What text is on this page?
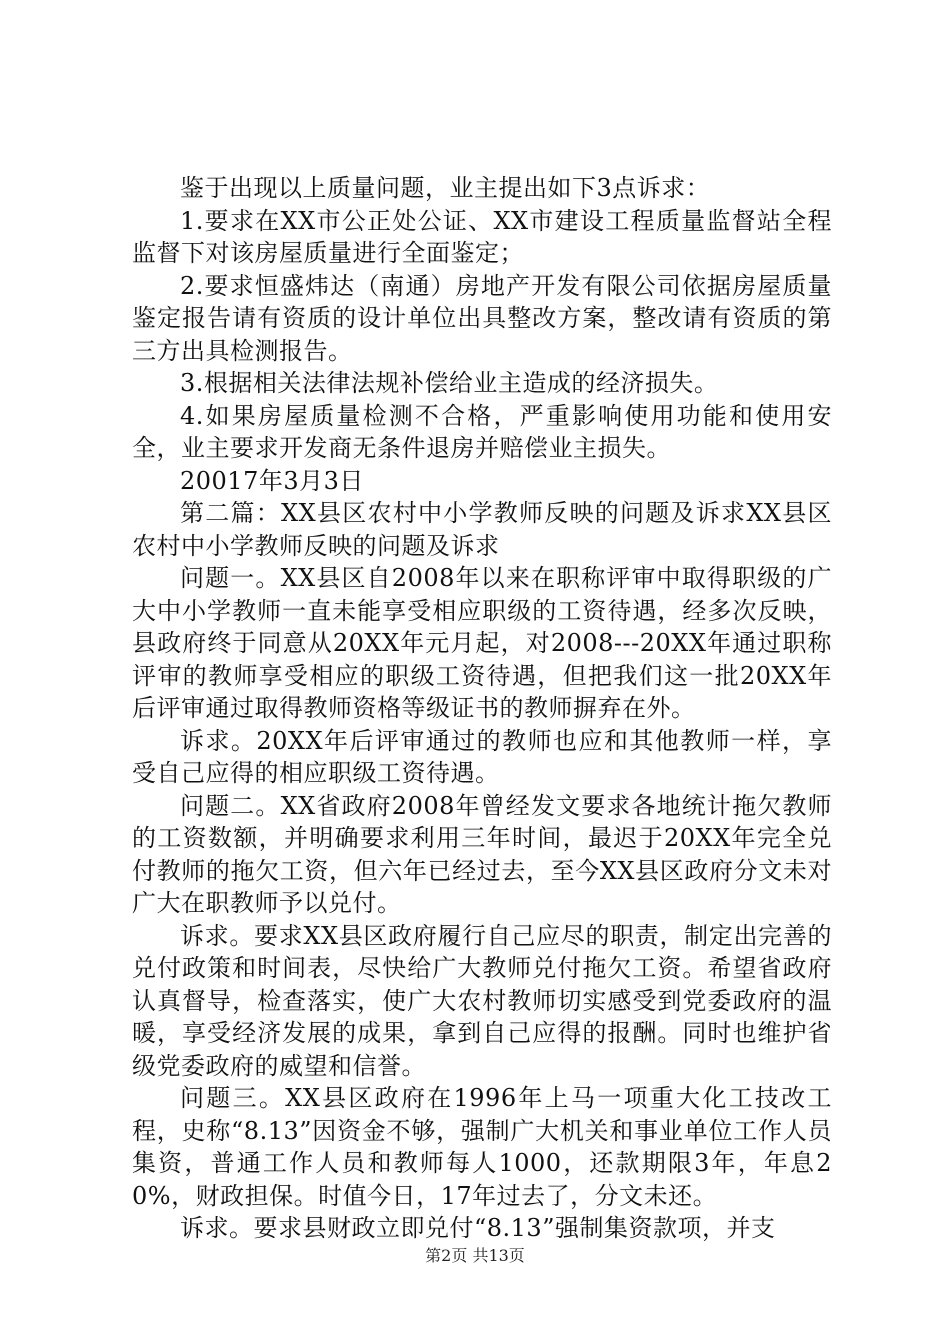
鉴于出现以上质量问题，业主提出如下3点诉求：

1.要求在XX市公正处公证、XX市建设工程质量监督站全程监督下对该房屋质量进行全面鉴定；

2.要求恒盛炜达（南通）房地产开发有限公司依据房屋质量鉴定报告请有资质的设计单位出具整改方案，整改请有资质的第三方出具检测报告。

3.根据相关法律法规补偿给业主造成的经济损失。

4.如果房屋质量检测不合格，严重影响使用功能和使用安全，业主要求开发商无条件退房并赔偿业主损失。

20017年3月3日

第二篇：XX县区农村中小学教师反映的问题及诉求XX县区农村中小学教师反映的问题及诉求

问题一。XX县区自2008年以来在职称评审中取得职级的广大中小学教师一直未能享受相应职级的工资待遇，经多次反映，县政府终于同意从20XX年元月起，对2008---20XX年通过职称评审的教师享受相应的职级工资待遇，但把我们这一批20XX年后评审通过取得教师资格等级证书的教师摒弃在外。

诉求。20XX年后评审通过的教师也应和其他教师一样，享受自己应得的相应职级工资待遇。

问题二。XX省政府2008年曾经发文要求各地统计拖欠教师的工资数额，并明确要求利用三年时间，最迟于20XX年完全兑付教师的拖欠工资，但六年已经过去，至今XX县区政府分文未对广大在职教师予以兑付。

诉求。要求XX县区政府履行自己应尽的职责，制定出完善的兑付政策和时间表，尽快给广大教师兑付拖欠工资。希望省政府认真督导，检查落实，使广大农村教师切实感受到党委政府的温暖，享受经济发展的成果，拿到自己应得的报酬。同时也维护省级党委政府的威望和信誉。

问题三。XX县区政府在1996年上马一项重大化工技改工程，史称“8.13”因资金不够，强制广大机关和事业单位工作人员集资，普通工作人员和教师每人1000，还款期限3年，年息20%，财政担保。时值今日，17年过去了，分文未还。

诉求。要求县财政立即兑付“8.13”强制集资款项，并支

第2页 共13页
